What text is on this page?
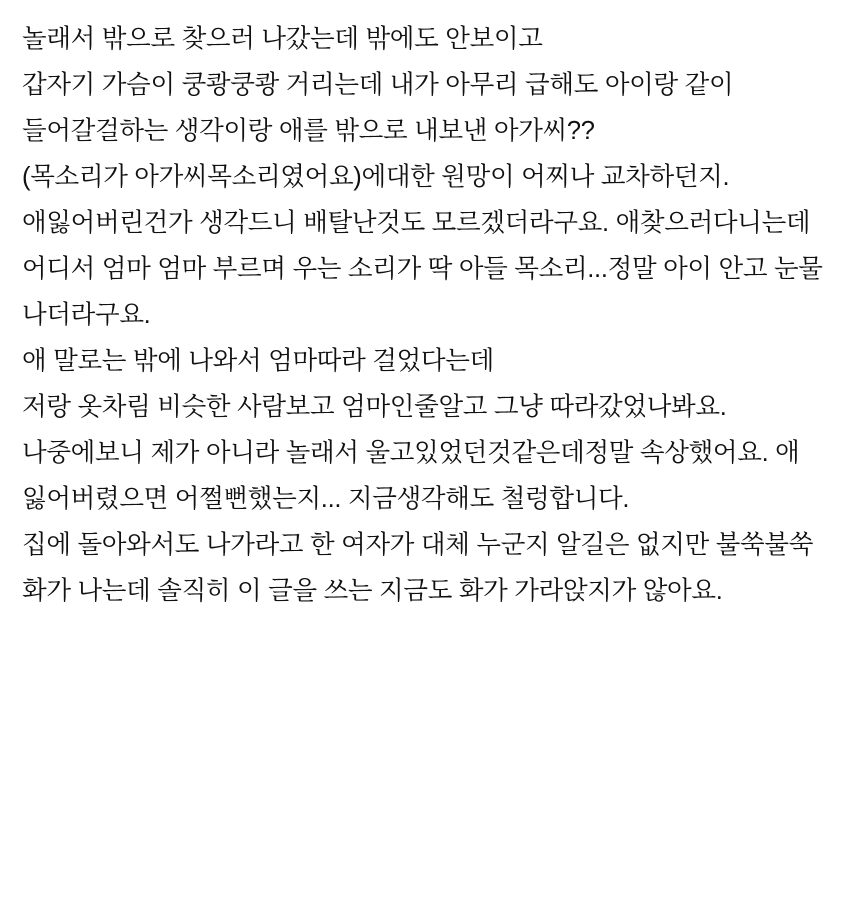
놀래서 밖으로 찾으러 나갔는데 밖에도 안보이고

갑자기 가슴이 쿵쾅쿵쾅 거리는데 내가 아무리 급해도 아이랑 같이 들어갈걸하는 생각이랑 애를 밖으로 내보낸 아가씨??

(목소리가 아가씨목소리였어요)에대한 원망이 어찌나 교차하던지. 애잃어버린건가 생각드니 배탈난것도 모르겠더라구요. 애찾으러다니는데 어디서 엄마 엄마 부르며 우는 소리가 딱 아들 목소리...정말 아이 안고 눈물 나더라구요.

애 말로는 밖에 나와서 엄마따라 걸었다는데

저랑 옷차림 비슷한 사람보고 엄마인줄알고 그냥 따라갔었나봐요. 나중에보니 제가 아니라 놀래서 울고있었던것같은데정말 속상했어요. 애 잃어버렸으면 어쩔뻔했는지... 지금생각해도 철렁합니다.

집에 돌아와서도 나가라고 한 여자가 대체 누군지 알길은 없지만 불쑥불쑥 화가 나는데 솔직히 이 글을 쓰는 지금도 화가 가라앉지가 않아요.
